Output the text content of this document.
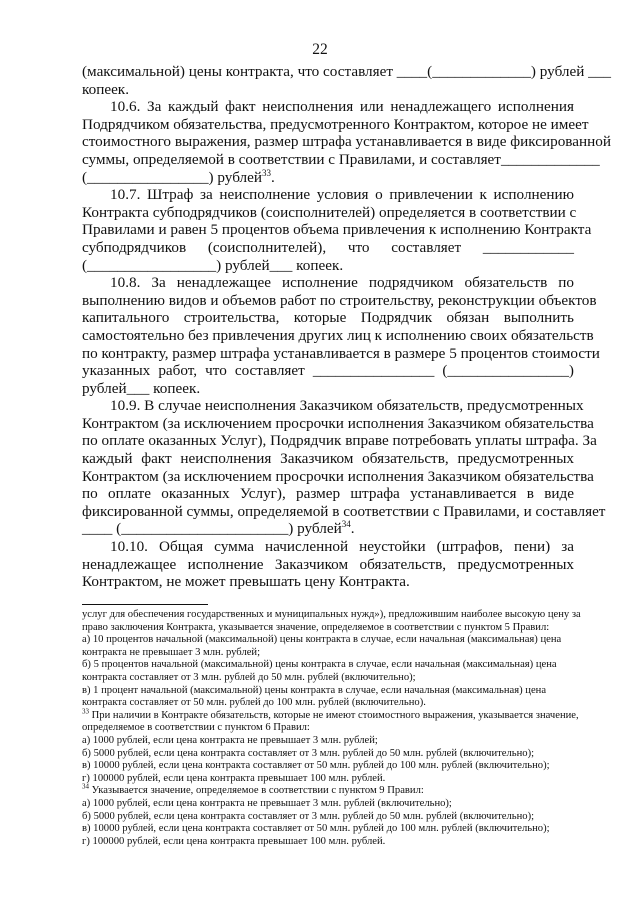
22
(максимальной) цены контракта, что составляет ____(_____________) рублей ___
копеек.
10.6. За каждый факт неисполнения или ненадлежащего исполнения
Подрядчиком обязательства, предусмотренного Контрактом, которое не имеет
стоимостного выражения, размер штрафа устанавливается в виде фиксированной
суммы, определяемой в соответствии с Правилами, и составляет_____________
(________________) рублей$^{33}$.
10.7. Штраф за неисполнение условия о привлечении к исполнению
Контракта субподрядчиков (соисполнителей) определяется в соответствии с
Правилами и равен 5 процентов объема привлечения к исполнению Контракта
субподрядчиков (соисполнителей), что составляет ____________
(_________________) рублей___ копеек.
10.8. За ненадлежащее исполнение подрядчиком обязательств по
выполнению видов и объемов работ по строительству, реконструкции объектов
капитального строительства, которые Подрядчик обязан выполнить
самостоятельно без привлечения других лиц к исполнению своих обязательств
по контракту, размер штрафа устанавливается в размере 5 процентов стоимости
указанных работ, что составляет ________________ (________________)
рублей___ копеек.
10.9. В случае неисполнения Заказчиком обязательств, предусмотренных
Контрактом (за исключением просрочки исполнения Заказчиком обязательства
по оплате оказанных Услуг), Подрядчик вправе потребовать уплаты штрафа. За
каждый факт неисполнения Заказчиком обязательств, предусмотренных
Контрактом (за исключением просрочки исполнения Заказчиком обязательства
по оплате оказанных Услуг), размер штрафа устанавливается в виде
фиксированной суммы, определяемой в соответствии с Правилами, и составляет
____ (______________________) рублей$^{34}$.
10.10. Общая сумма начисленной неустойки (штрафов, пени) за
ненадлежащее исполнение Заказчиком обязательств, предусмотренных
Контрактом, не может превышать цену Контракта.
услуг для обеспечения государственных и муниципальных нужд»), предложившим наиболее высокую цену за
право заключения Контракта, указывается значение, определяемое в соответствии с пунктом 5 Правил:
а) 10 процентов начальной (максимальной) цены контракта в случае, если начальная (максимальная) цена
контракта не превышает 3 млн. рублей;
б) 5 процентов начальной (максимальной) цены контракта в случае, если начальная (максимальная) цена
контракта составляет от 3 млн. рублей до 50 млн. рублей (включительно);
в) 1 процент начальной (максимальной) цены контракта в случае, если начальная (максимальная) цена
контракта составляет от 50 млн. рублей до 100 млн. рублей (включительно).
$^{33}$ При наличии в Контракте обязательств, которые не имеют стоимостного выражения, указывается значение,
определяемое в соответствии с пунктом 6 Правил:
а) 1000 рублей, если цена контракта не превышает 3 млн. рублей;
б) 5000 рублей, если цена контракта составляет от 3 млн. рублей до 50 млн. рублей (включительно);
в) 10000 рублей, если цена контракта составляет от 50 млн. рублей до 100 млн. рублей (включительно);
г) 100000 рублей, если цена контракта превышает 100 млн. рублей.
$^{34}$ Указывается значение, определяемое в соответствии с пунктом 9 Правил:
а) 1000 рублей, если цена контракта не превышает 3 млн. рублей (включительно);
б) 5000 рублей, если цена контракта составляет от 3 млн. рублей до 50 млн. рублей (включительно);
в) 10000 рублей, если цена контракта составляет от 50 млн. рублей до 100 млн. рублей (включительно);
г) 100000 рублей, если цена контракта превышает 100 млн. рублей.
